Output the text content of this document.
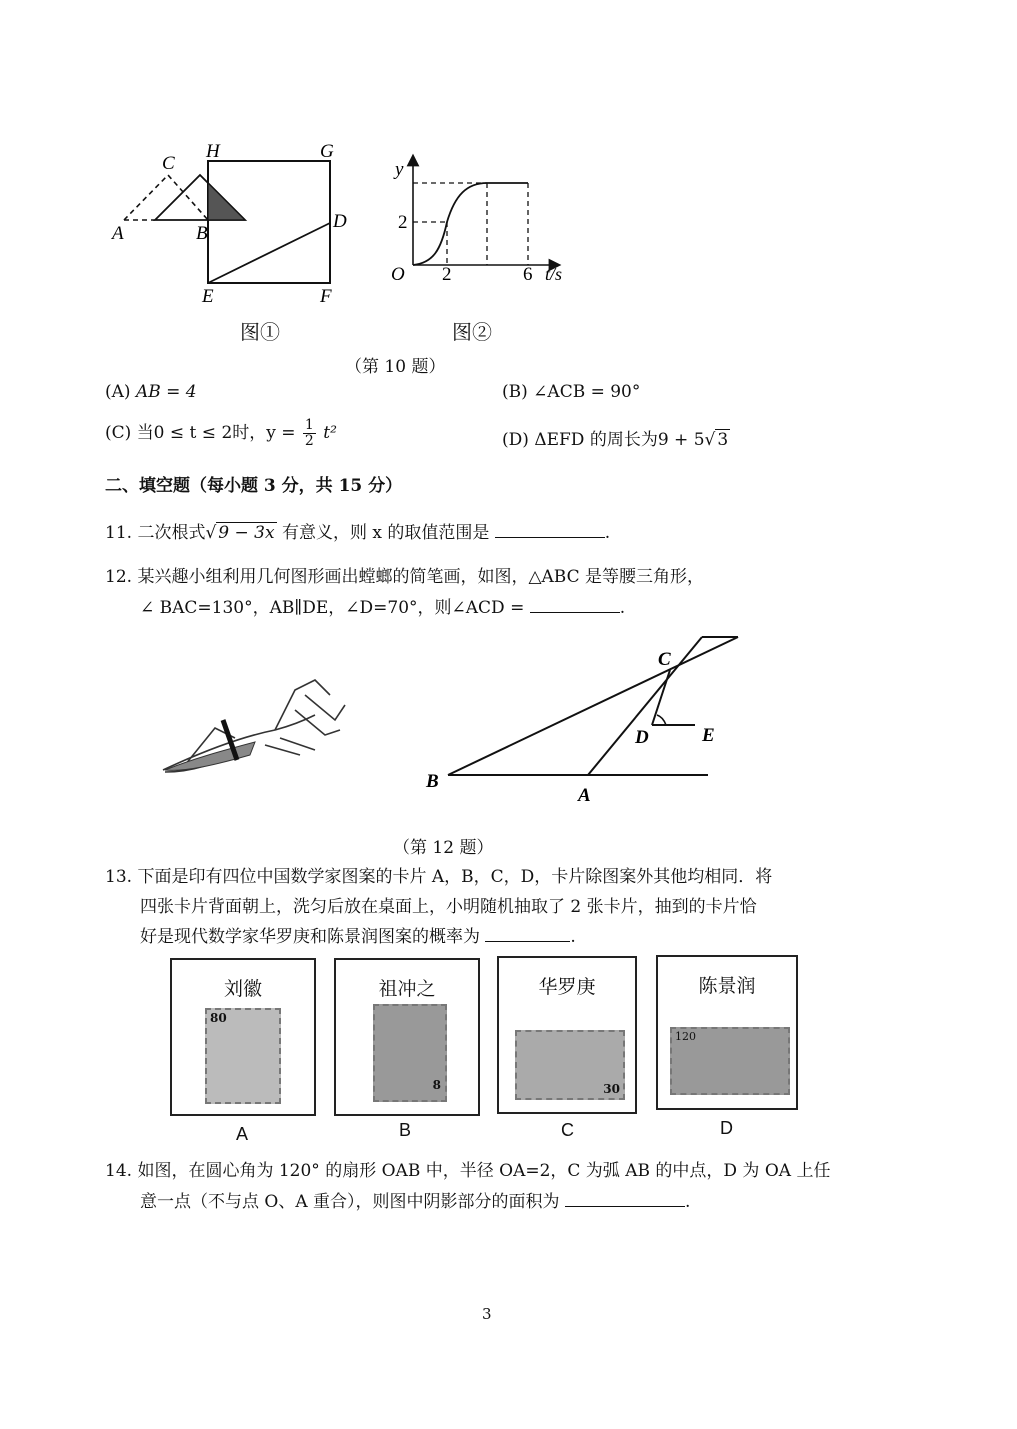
C
H	G
A	B
D
E	F
图①
y
2
O 2	6 t/s
图②
（第 10 题）
(A) AB = 4	(B) ∠ACB = 90°
(C) 当0 ≤ t ≤ 2时，$y = \frac{1}{2} t^2$	(D) ΔEFD 的周长为9 + 5√ 3
二、填空题（每小题 3 分，共 15 分）
11. 二次根式√ 9 − 3x 有意义，则 x 的取值范围是	.
12. 某兴趣小组利用几何图形画出螳螂的简笔画，如图，△ABC 是等腰三角形，
∠ BAC=130°，AB∥DE，∠D=70°，则∠ACD =	.
C
D	E
B
A
（第 12 题）
13. 下面是印有四位中国数学家图案的卡片 A，B，C，D，卡片除图案外其他均相同．将
四张卡片背面朝上，洗匀后放在桌面上，小明随机抽取了 2 张卡片，抽到的卡片恰
好是现代数学家华罗庚和陈景润图案的概率为	.
刘徽
80
祖冲之
8
华罗庚
30
陈景润
120
A	B	C	D
14. 如图，在圆心角为 120° 的扇形 OAB 中，半径 OA=2，C 为弧 AB 的中点，D 为 OA 上任
意一点（不与点 O、A 重合），则图中阴影部分的面积为	.
3
